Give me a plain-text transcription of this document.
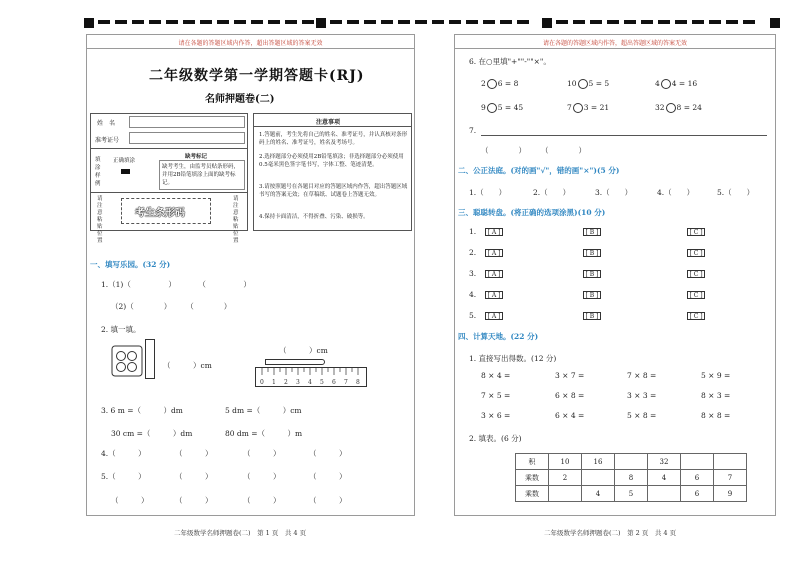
请在各题的答题区域内作答，超出答题区域的答案无效
二年级数学第一学期答题卡(RJ)
名师押题卷(二)
姓　名
准考证号
填涂样例
正确填涂
缺考标记
缺考考生，由监考员贴条形码，并用2B铅笔填涂上面的缺考标记。
请注意粘贴位置
考生条形码
请注意粘贴位置
注意事项
1.答题前，考生先将自己的姓名、准考证号，并认真核对条形码上的姓名、准考证号，姓名及考场号。
2.选择题部分必须使用2B铅笔填涂；非选择题部分必须使用0.5毫米黑色签字笔书写，字体工整、笔迹清楚。
3.请按照题号在各题目对应的答题区域内作答，超出答题区域书写的答案无效；在草稿纸、试题卷上答题无效。
4.保持卡面清洁，不得折叠、污染、破损等。
一、填写乐园。(32 分)
1.（1)（　　　　　）　　　　（　　　　　）
（2)（　　　　）　　　（　　　　）
2. 填一填。
（　　　）cm
（　　　）cm
0 1 2 3 4 5 6 7 8
3. 6 m =（　　　）dm	5 dm =（　　　）cm
30 cm =（　　　）dm	80 dm =（　　　）m
4.（　　　）	（　　　）	（　　　）	（　　　）
5.（　　　）	（　　　）	（　　　）	（　　　）
（　　　）	（　　　）	（　　　）	（　　　）
二年级数学名师押题卷(二)　第 1 页　共 4 页
请在各题的答题区域内作答，超出答题区域的答案无效
6. 在○里填"+""-""×"。
2 6 = 8	10 5 = 5	4 4 = 16
9 5 = 45	7 3 = 21	32 8 = 24
7.
（　　　　）　　　（　　　　）
二、公正法庭。(对的画"√"，错的画"×")(5 分)
1.（　　）	2.（　　）	3.（　　）	4.（　　）	5.（　　）
三、聪聪转盘。(将正确的选项涂黑)(10 分)
1.	[ A ]	[ B ]	[ C ]
2.	[ A ]	[ B ]	[ C ]
3.	[ A ]	[ B ]	[ C ]
4.	[ A ]	[ B ]	[ C ]
5.	[ A ]	[ B ]	[ C ]
四、计算天地。(22 分)
1. 直接写出得数。(12 分)
8 × 4 =	3 × 7 =	7 × 8 =	5 × 9 =
7 × 5 =	6 × 8 =	3 × 3 =	8 × 3 =
3 × 6 =	6 × 4 =	5 × 8 =	8 × 8 =
2. 填表。(6 分)
积	10	16		32		
乘数	2		8	4	6	7
乘数		4	5		6	9
二年级数学名师押题卷(二)　第 2 页　共 4 页
